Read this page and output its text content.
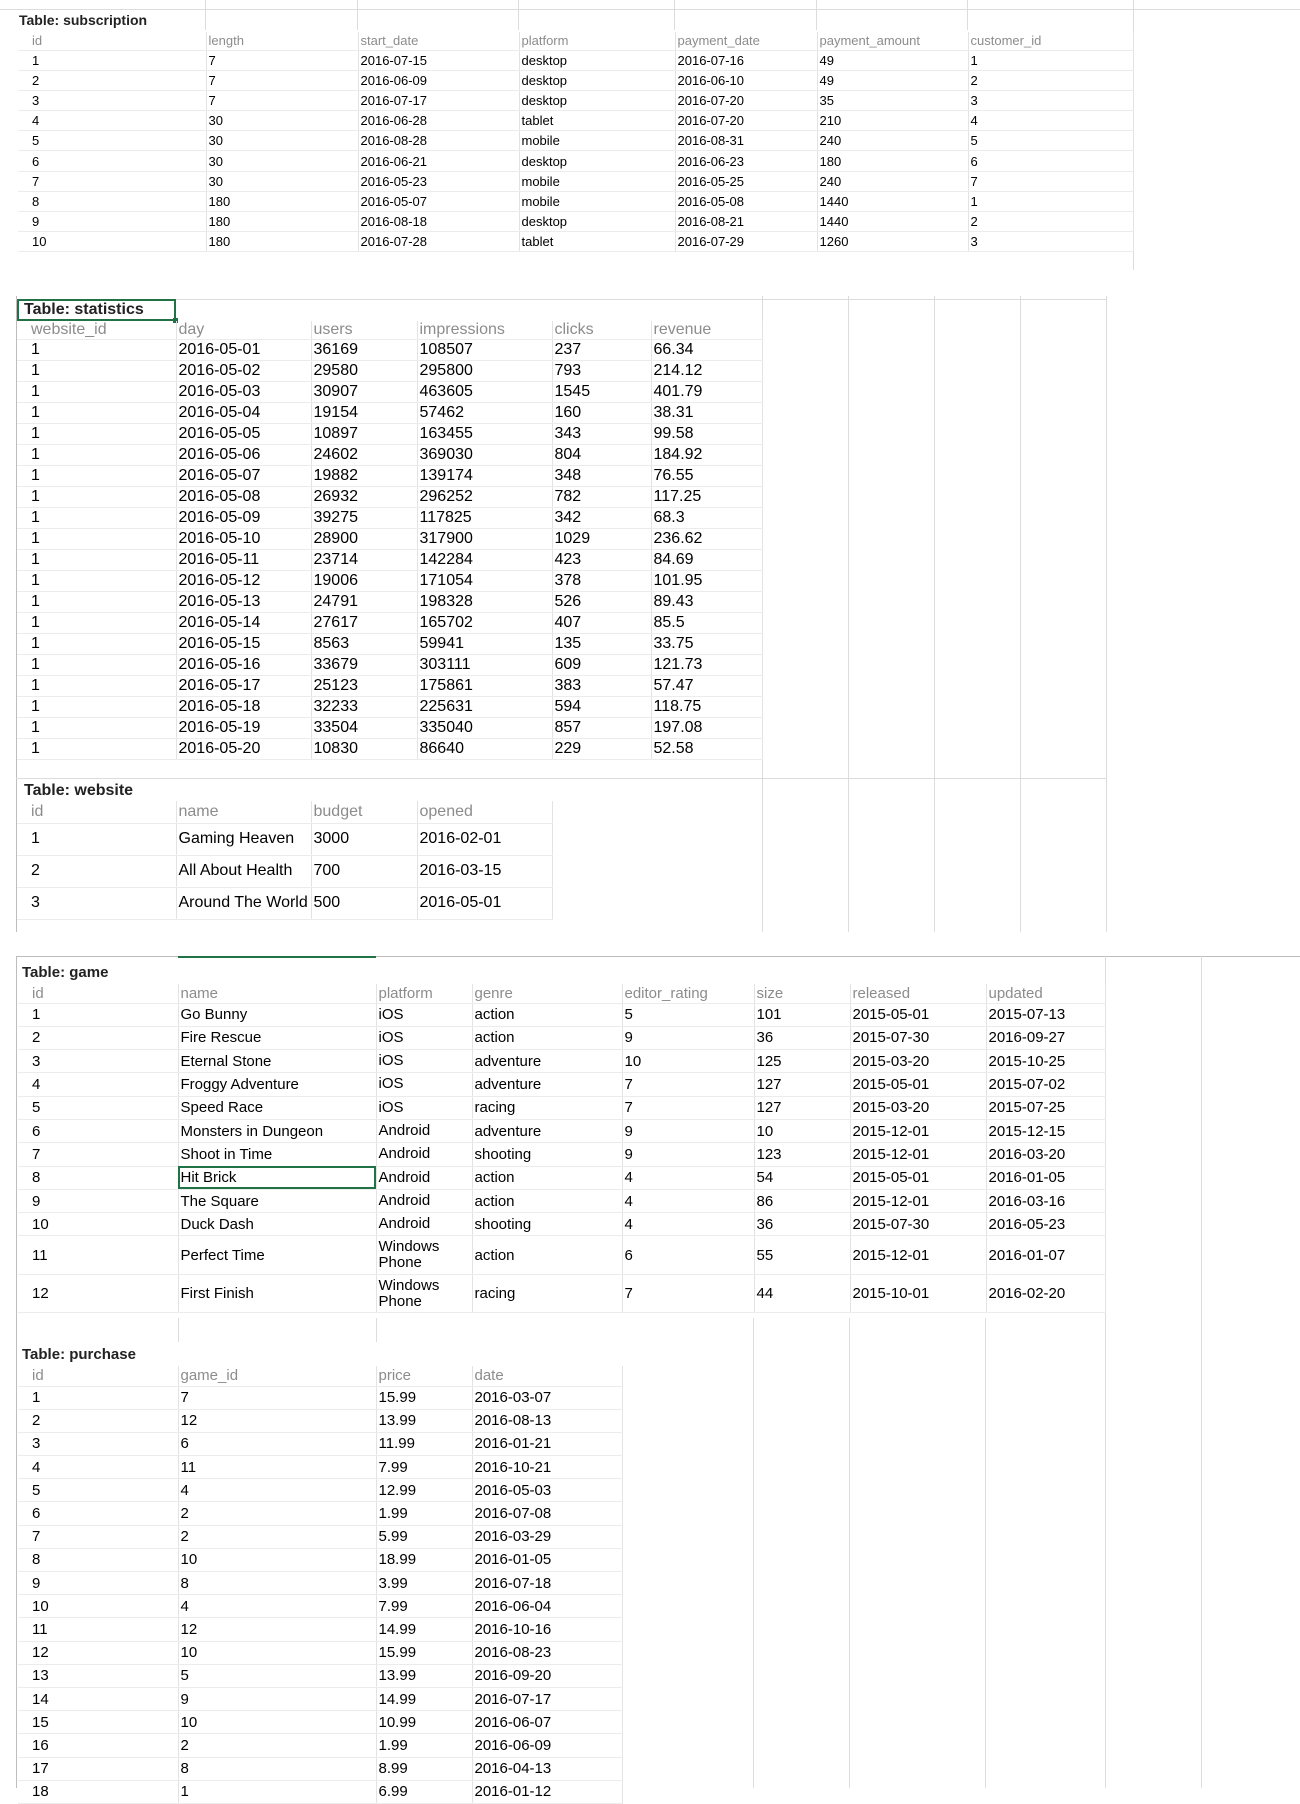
Table: subscription
id	length	start_date	platform	payment_date	payment_amount	customer_id
1	7	2016-07-15	desktop	2016-07-16	49	1
2	7	2016-06-09	desktop	2016-06-10	49	2
3	7	2016-07-17	desktop	2016-07-20	35	3
4	30	2016-06-28	tablet	2016-07-20	210	4
5	30	2016-08-28	mobile	2016-08-31	240	5
6	30	2016-06-21	desktop	2016-06-23	180	6
7	30	2016-05-23	mobile	2016-05-25	240	7
8	180	2016-05-07	mobile	2016-05-08	1440	1
9	180	2016-08-18	desktop	2016-08-21	1440	2
10	180	2016-07-28	tablet	2016-07-29	1260	3
Table: statistics
website_id	day	users	impressions	clicks	revenue
1	2016-05-01	36169	108507	237	66.34
1	2016-05-02	29580	295800	793	214.12
1	2016-05-03	30907	463605	1545	401.79
1	2016-05-04	19154	57462	160	38.31
1	2016-05-05	10897	163455	343	99.58
1	2016-05-06	24602	369030	804	184.92
1	2016-05-07	19882	139174	348	76.55
1	2016-05-08	26932	296252	782	117.25
1	2016-05-09	39275	117825	342	68.3
1	2016-05-10	28900	317900	1029	236.62
1	2016-05-11	23714	142284	423	84.69
1	2016-05-12	19006	171054	378	101.95
1	2016-05-13	24791	198328	526	89.43
1	2016-05-14	27617	165702	407	85.5
1	2016-05-15	8563	59941	135	33.75
1	2016-05-16	33679	303111	609	121.73
1	2016-05-17	25123	175861	383	57.47
1	2016-05-18	32233	225631	594	118.75
1	2016-05-19	33504	335040	857	197.08
1	2016-05-20	10830	86640	229	52.58
Table: website
id	name	budget	opened
1	Gaming Heaven	3000	2016-02-01
2	All About Health	700	2016-03-15
3	Around The World	500	2016-05-01
Table: game
id	name	platform	genre	editor_rating	size	released	updated
1	Go Bunny	iOS	action	5	101	2015-05-01	2015-07-13
2	Fire Rescue	iOS	action	9	36	2015-07-30	2016-09-27
3	Eternal Stone	iOS	adventure	10	125	2015-03-20	2015-10-25
4	Froggy Adventure	iOS	adventure	7	127	2015-05-01	2015-07-02
5	Speed Race	iOS	racing	7	127	2015-03-20	2015-07-25
6	Monsters in Dungeon	Android	adventure	9	10	2015-12-01	2015-12-15
7	Shoot in Time	Android	shooting	9	123	2015-12-01	2016-03-20
8	Hit Brick	Android	action	4	54	2015-05-01	2016-01-05
9	The Square	Android	action	4	86	2015-12-01	2016-03-16
10	Duck Dash	Android	shooting	4	36	2015-07-30	2016-05-23
11	Perfect Time	Windows Phone	action	6	55	2015-12-01	2016-01-07
12	First Finish	Windows Phone	racing	7	44	2015-10-01	2016-02-20
Table: purchase
id	game_id	price	date
1	7	15.99	2016-03-07
2	12	13.99	2016-08-13
3	6	11.99	2016-01-21
4	11	7.99	2016-10-21
5	4	12.99	2016-05-03
6	2	1.99	2016-07-08
7	2	5.99	2016-03-29
8	10	18.99	2016-01-05
9	8	3.99	2016-07-18
10	4	7.99	2016-06-04
11	12	14.99	2016-10-16
12	10	15.99	2016-08-23
13	5	13.99	2016-09-20
14	9	14.99	2016-07-17
15	10	10.99	2016-06-07
16	2	1.99	2016-06-09
17	8	8.99	2016-04-13
18	1	6.99	2016-01-12
